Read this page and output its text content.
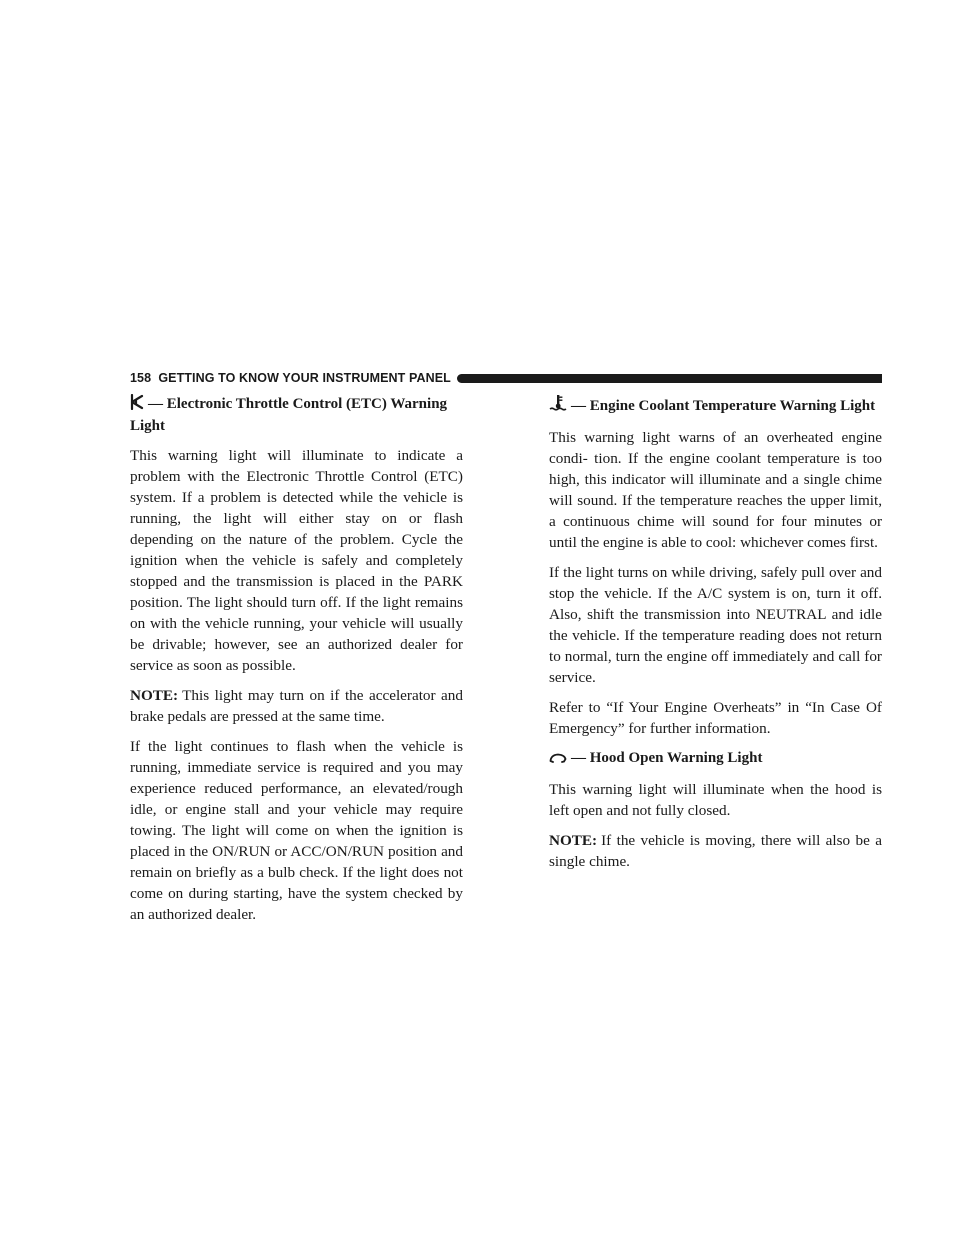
158
GETTING TO KNOW YOUR INSTRUMENT PANEL
— Electronic Throttle Control (ETC) Warning Light

This warning light will illuminate to indicate a problem with the Electronic Throttle Control (ETC) system. If a problem is detected while the vehicle is running, the light will either stay on or flash depending on the nature of the problem. Cycle the ignition when the vehicle is safely and completely stopped and the transmission is placed in the PARK position. The light should turn off. If the light remains on with the vehicle running, your vehicle will usually be drivable; however, see an authorized dealer for service as soon as possible.

NOTE: This light may turn on if the accelerator and brake pedals are pressed at the same time.

If the light continues to flash when the vehicle is running, immediate service is required and you may experience reduced performance, an elevated/rough idle, or engine stall and your vehicle may require towing. The light will come on when the ignition is placed in the ON/RUN or ACC/ON/RUN position and remain on briefly as a bulb check. If the light does not come on during starting, have the system checked by an authorized dealer.

— Engine Coolant Temperature Warning Light

This warning light warns of an overheated engine condi- tion. If the engine coolant temperature is too high, this indicator will illuminate and a single chime will sound. If the temperature reaches the upper limit, a continuous chime will sound for four minutes or until the engine is able to cool: whichever comes first.

If the light turns on while driving, safely pull over and stop the vehicle. If the A/C system is on, turn it off. Also, shift the transmission into NEUTRAL and idle the vehicle. If the temperature reading does not return to normal, turn the engine off immediately and call for service.

Refer to “If Your Engine Overheats” in “In Case Of Emergency” for further information.

— Hood Open Warning Light

This warning light will illuminate when the hood is left open and not fully closed.

NOTE: If the vehicle is moving, there will also be a single chime.
